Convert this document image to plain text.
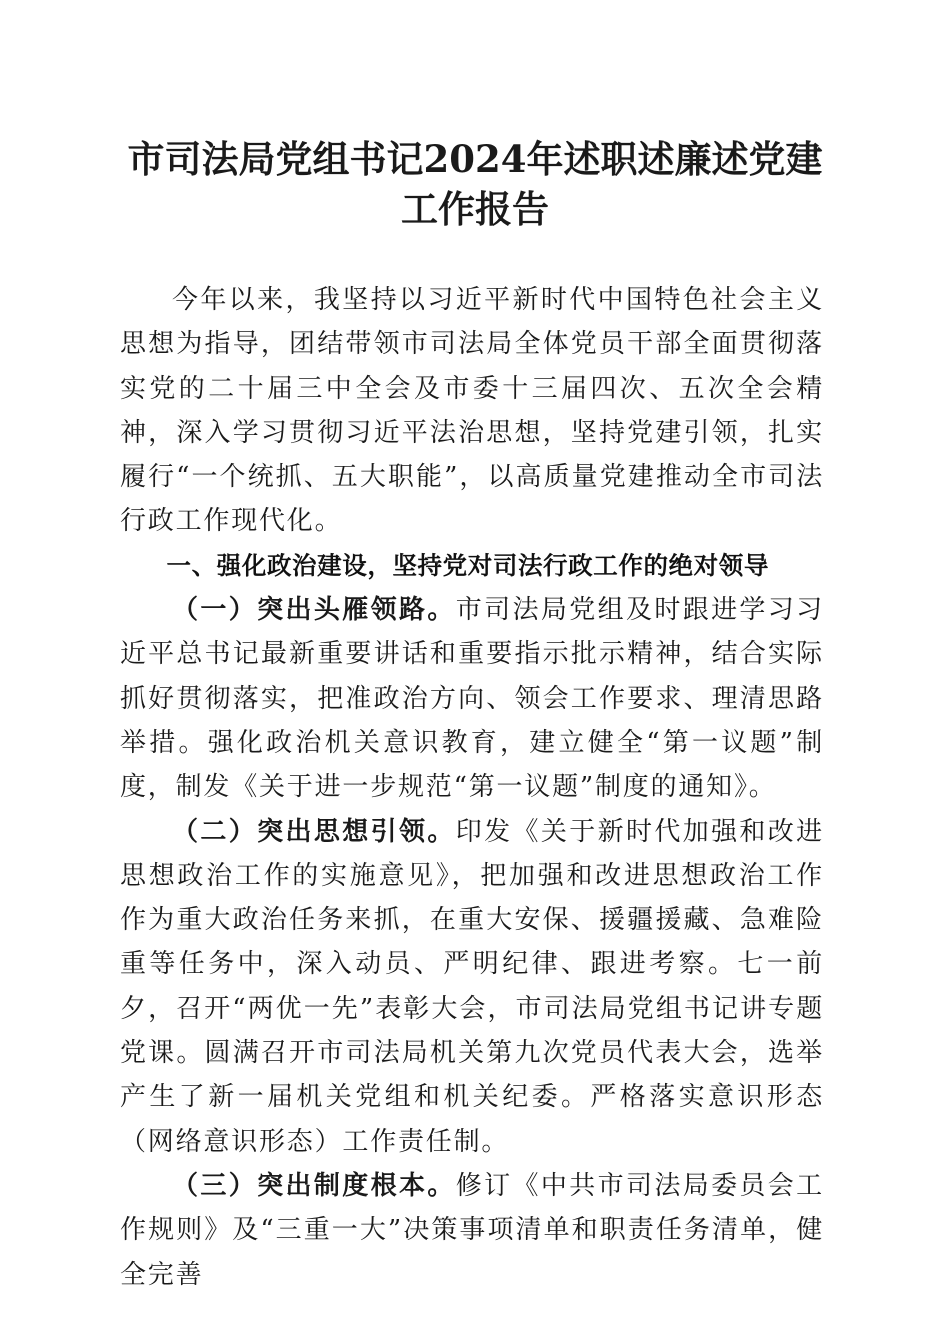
市司法局党组书记2024年述职述廉述党建工作报告

今年以来，我坚持以习近平新时代中国特色社会主义思想为指导，团结带领市司法局全体党员干部全面贯彻落实党的二十届三中全会及市委十三届四次、五次全会精神，深入学习贯彻习近平法治思想，坚持党建引领，扎实履行“一个统抓、五大职能”，以高质量党建推动全市司法行政工作现代化。

一、强化政治建设，坚持党对司法行政工作的绝对领导

（一）突出头雁领路。市司法局党组及时跟进学习习近平总书记最新重要讲话和重要指示批示精神，结合实际抓好贯彻落实，把准政治方向、领会工作要求、理清思路举措。强化政治机关意识教育，建立健全“第一议题”制度，制发《关于进一步规范“第一议题”制度的通知》。

（二）突出思想引领。印发《关于新时代加强和改进思想政治工作的实施意见》，把加强和改进思想政治工作作为重大政治任务来抓，在重大安保、援疆援藏、急难险重等任务中，深入动员、严明纪律、跟进考察。七一前夕，召开“两优一先”表彰大会，市司法局党组书记讲专题党课。圆满召开市司法局机关第九次党员代表大会，选举产生了新一届机关党组和机关纪委。严格落实意识形态（网络意识形态）工作责任制。

（三）突出制度根本。修订《中共市司法局委员会工作规则》及“三重一大”决策事项清单和职责任务清单，健全完善
